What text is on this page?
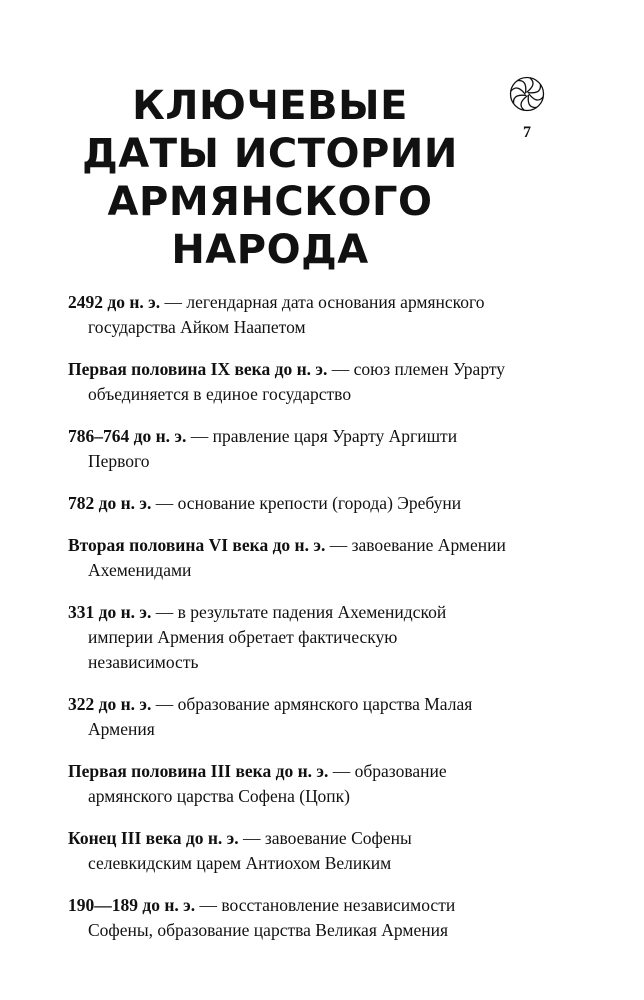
7
КЛЮЧЕВЫЕ
ДАТЫ ИСТОРИИ
АРМЯНСКОГО
НАРОДА
2492 до н. э. — легендарная дата основания армянского государства Айком Наапетом
Первая половина IX века до н. э. — союз племен Урарту объединяется в единое государство
786–764 до н. э. — правление царя Урарту Аргишти Первого
782 до н. э. — основание крепости (города) Эребуни
Вторая половина VI века до н. э. — завоевание Армении Ахеменидами
331 до н. э. — в результате падения Ахеменидской империи Армения обретает фактическую независимость
322 до н. э. — образование армянского царства Малая Армения
Первая половина III века до н. э. — образование армянского царства Софена (Цопк)
Конец III века до н. э. — завоевание Софены селевкидским царем Антиохом Великим
190—189 до н. э. — восстановление независимости Софены, образование царства Великая Армения
